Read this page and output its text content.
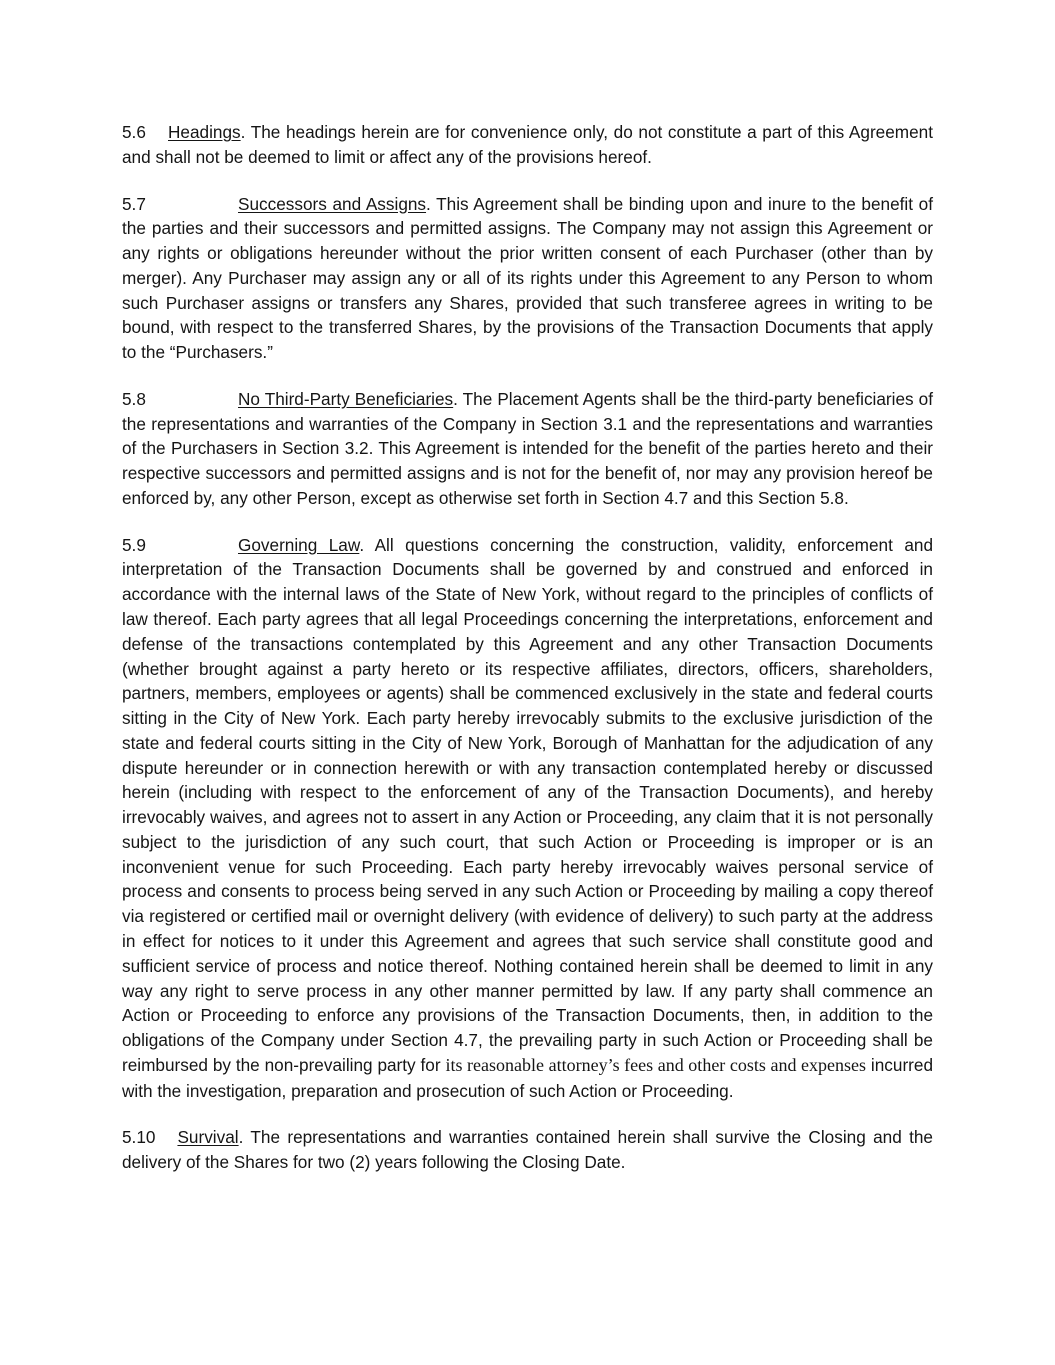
5.6 Headings. The headings herein are for convenience only, do not constitute a part of this Agreement and shall not be deemed to limit or affect any of the provisions hereof.

5.7	Successors and Assigns. This Agreement shall be binding upon and inure to the benefit of the parties and their successors and permitted assigns. The Company may not assign this Agreement or any rights or obligations hereunder without the prior written consent of each Purchaser (other than by merger). Any Purchaser may assign any or all of its rights under this Agreement to any Person to whom such Purchaser assigns or transfers any Shares, provided that such transferee agrees in writing to be bound, with respect to the transferred Shares, by the provisions of the Transaction Documents that apply to the “Purchasers.”

5.8	No Third-Party Beneficiaries. The Placement Agents shall be the third-party beneficiaries of the representations and warranties of the Company in Section 3.1 and the representations and warranties of the Purchasers in Section 3.2. This Agreement is intended for the benefit of the parties hereto and their respective successors and permitted assigns and is not for the benefit of, nor may any provision hereof be enforced by, any other Person, except as otherwise set forth in Section 4.7 and this Section 5.8.

5.9	Governing Law. All questions concerning the construction, validity, enforcement and interpretation of the Transaction Documents shall be governed by and construed and enforced in accordance with the internal laws of the State of New York, without regard to the principles of conflicts of law thereof. Each party agrees that all legal Proceedings concerning the interpretations, enforcement and defense of the transactions contemplated by this Agreement and any other Transaction Documents (whether brought against a party hereto or its respective affiliates, directors, officers, shareholders, partners, members, employees or agents) shall be commenced exclusively in the state and federal courts sitting in the City of New York. Each party hereby irrevocably submits to the exclusive jurisdiction of the state and federal courts sitting in the City of New York, Borough of Manhattan for the adjudication of any dispute hereunder or in connection herewith or with any transaction contemplated hereby or discussed herein (including with respect to the enforcement of any of the Transaction Documents), and hereby irrevocably waives, and agrees not to assert in any Action or Proceeding, any claim that it is not personally subject to the jurisdiction of any such court, that such Action or Proceeding is improper or is an inconvenient venue for such Proceeding. Each party hereby irrevocably waives personal service of process and consents to process being served in any such Action or Proceeding by mailing a copy thereof via registered or certified mail or overnight delivery (with evidence of delivery) to such party at the address in effect for notices to it under this Agreement and agrees that such service shall constitute good and sufficient service of process and notice thereof. Nothing contained herein shall be deemed to limit in any way any right to serve process in any other manner permitted by law. If any party shall commence an Action or Proceeding to enforce any provisions of the Transaction Documents, then, in addition to the obligations of the Company under Section 4.7, the prevailing party in such Action or Proceeding shall be reimbursed by the non-prevailing party for its reasonable attorney’s fees and other costs and expenses incurred with the investigation, preparation and prosecution of such Action or Proceeding.

5.10 Survival. The representations and warranties contained herein shall survive the Closing and the delivery of the Shares for two (2) years following the Closing Date.
